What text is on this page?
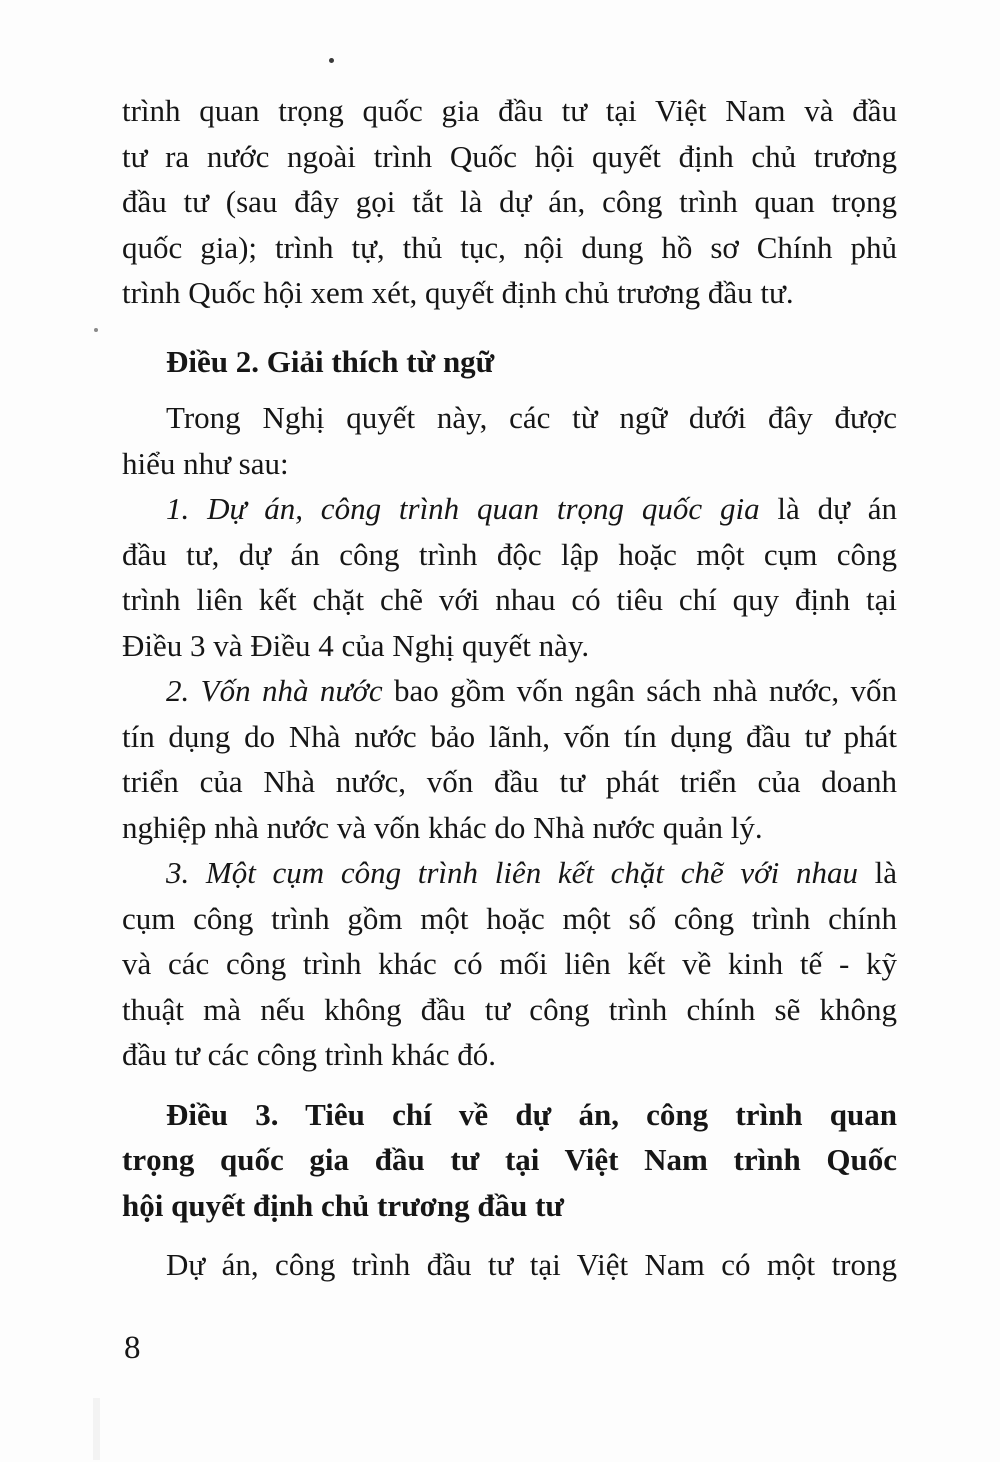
trình quan trọng quốc gia đầu tư tại Việt Nam và đầu
tư ra nước ngoài trình Quốc hội quyết định chủ trương
đầu tư (sau đây gọi tắt là dự án, công trình quan trọng
quốc gia); trình tự, thủ tục, nội dung hồ sơ Chính phủ
trình Quốc hội xem xét, quyết định chủ trương đầu tư.
Điều 2. Giải thích từ ngữ
Trong Nghị quyết này, các từ ngữ dưới đây được
hiểu như sau:
1. Dự án, công trình quan trọng quốc gia là dự án
đầu tư, dự án công trình độc lập hoặc một cụm công
trình liên kết chặt chẽ với nhau có tiêu chí quy định tại
Điều 3 và Điều 4 của Nghị quyết này.
2. Vốn nhà nước bao gồm vốn ngân sách nhà nước, vốn
tín dụng do Nhà nước bảo lãnh, vốn tín dụng đầu tư phát
triển của Nhà nước, vốn đầu tư phát triển của doanh
nghiệp nhà nước và vốn khác do Nhà nước quản lý.
3. Một cụm công trình liên kết chặt chẽ với nhau là
cụm công trình gồm một hoặc một số công trình chính
và các công trình khác có mối liên kết về kinh tế - kỹ
thuật mà nếu không đầu tư công trình chính sẽ không
đầu tư các công trình khác đó.
Điều 3. Tiêu chí về dự án, công trình quan
trọng quốc gia đầu tư tại Việt Nam trình Quốc
hội quyết định chủ trương đầu tư
Dự án, công trình đầu tư tại Việt Nam có một trong
8
